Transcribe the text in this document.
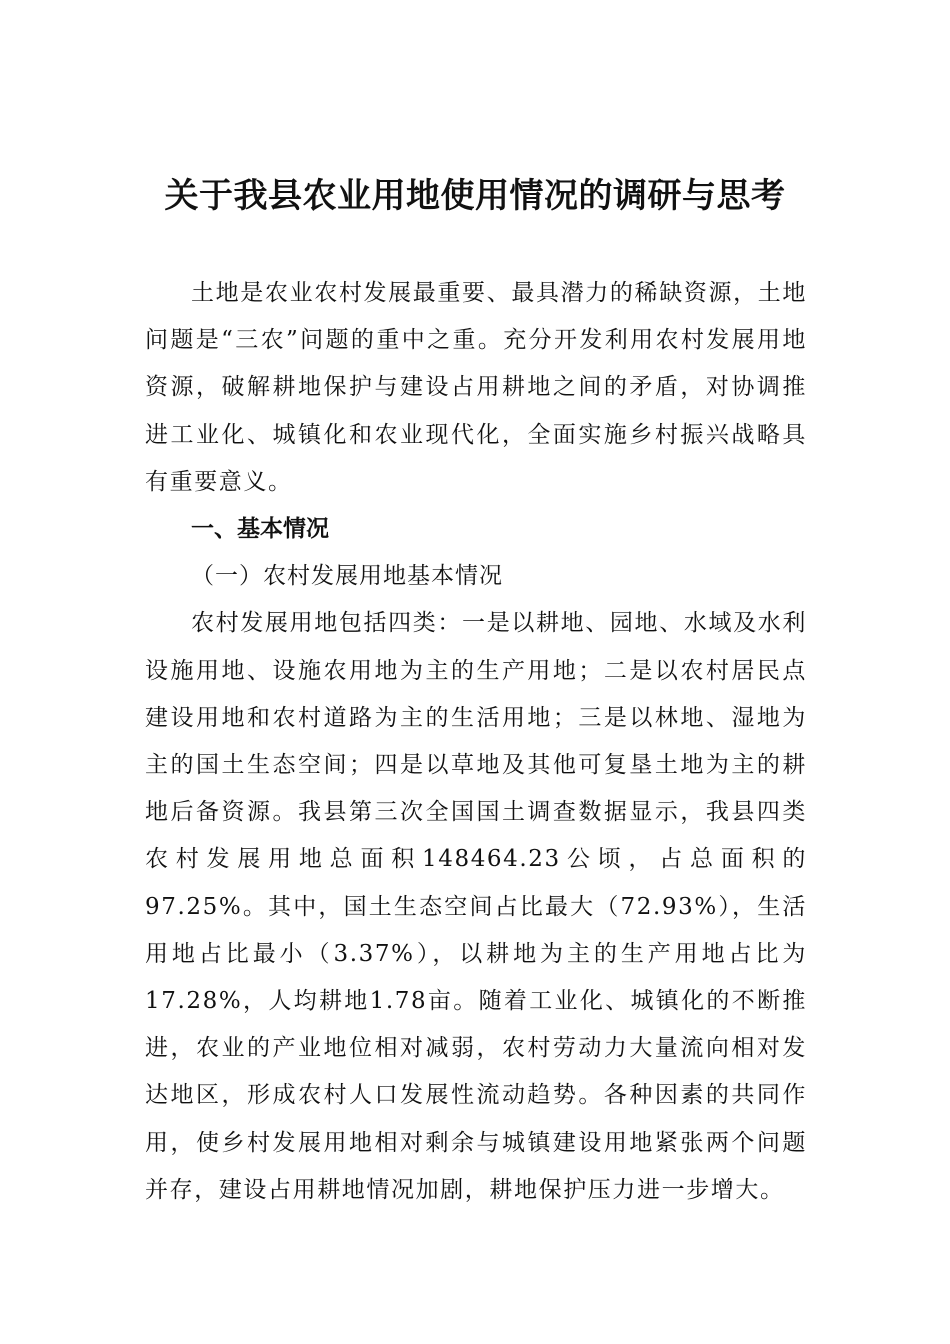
关于我县农业用地使用情况的调研与思考

土地是农业农村发展最重要、最具潜力的稀缺资源，土地问题是“三农”问题的重中之重。充分开发利用农村发展用地资源，破解耕地保护与建设占用耕地之间的矛盾，对协调推进工业化、城镇化和农业现代化，全面实施乡村振兴战略具有重要意义。

一、基本情况

（一）农村发展用地基本情况

农村发展用地包括四类：一是以耕地、园地、水域及水利设施用地、设施农用地为主的生产用地；二是以农村居民点建设用地和农村道路为主的生活用地；三是以林地、湿地为主的国土生态空间；四是以草地及其他可复垦土地为主的耕地后备资源。我县第三次全国国土调查数据显示，我县四类农村发展用地总面积148464.23公顷，占总面积的97.25%。其中，国土生态空间占比最大（72.93%），生活用地占比最小（3.37%），以耕地为主的生产用地占比为17.28%，人均耕地1.78亩。随着工业化、城镇化的不断推进，农业的产业地位相对减弱，农村劳动力大量流向相对发达地区，形成农村人口发展性流动趋势。各种因素的共同作用，使乡村发展用地相对剩余与城镇建设用地紧张两个问题并存，建设占用耕地情况加剧，耕地保护压力进一步增大。
